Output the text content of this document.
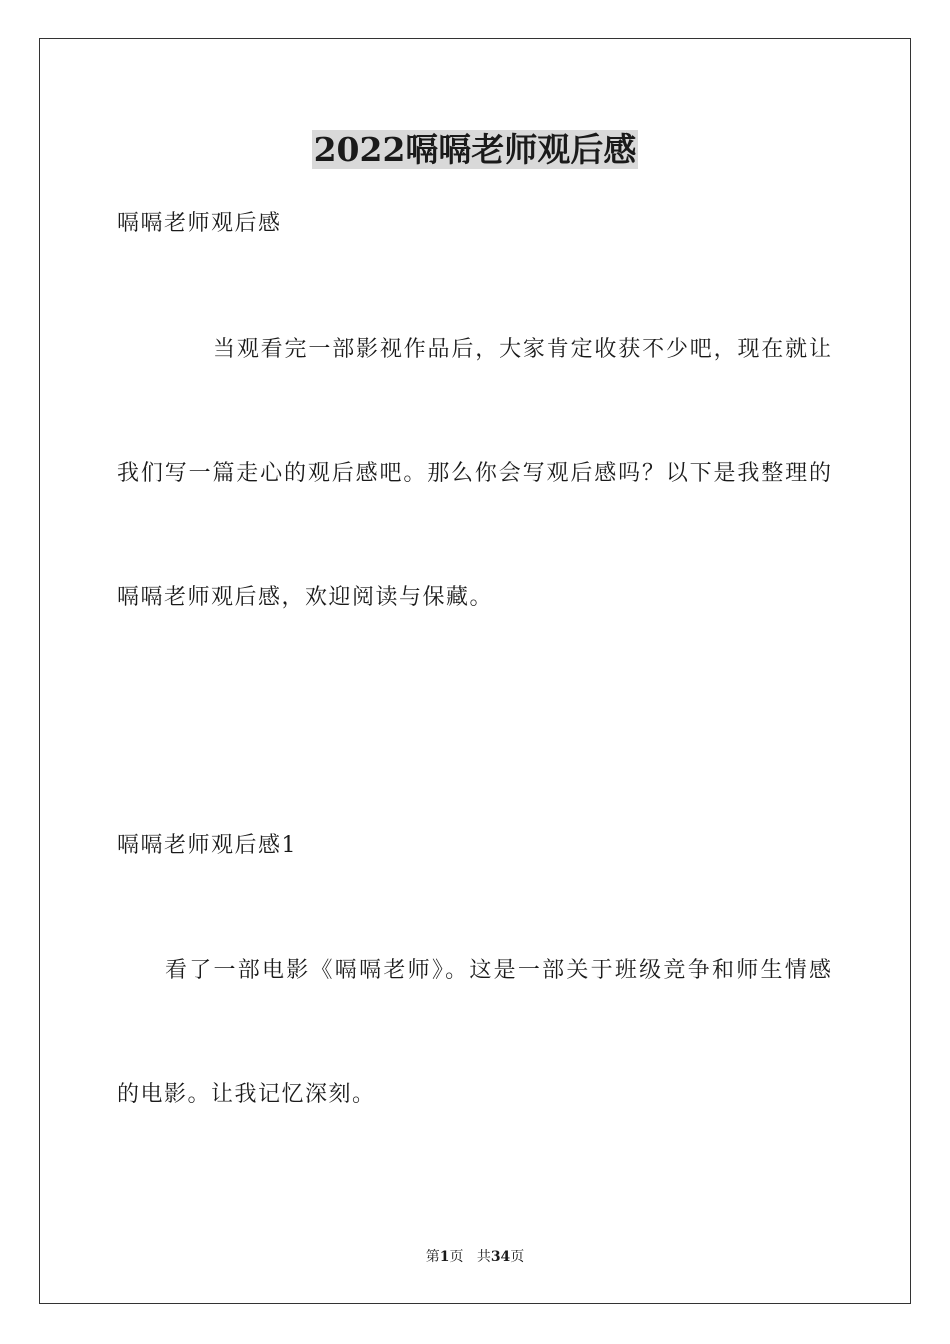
2022嗝嗝老师观后感

嗝嗝老师观后感

当观看完一部影视作品后，大家肯定收获不少吧，现在就让

我们写一篇走心的观后感吧。那么你会写观后感吗？以下是我整理的

嗝嗝老师观后感，欢迎阅读与保藏。

嗝嗝老师观后感1

看了一部电影《嗝嗝老师》。这是一部关于班级竞争和师生情感

的电影。让我记忆深刻。

第1页 共34页
